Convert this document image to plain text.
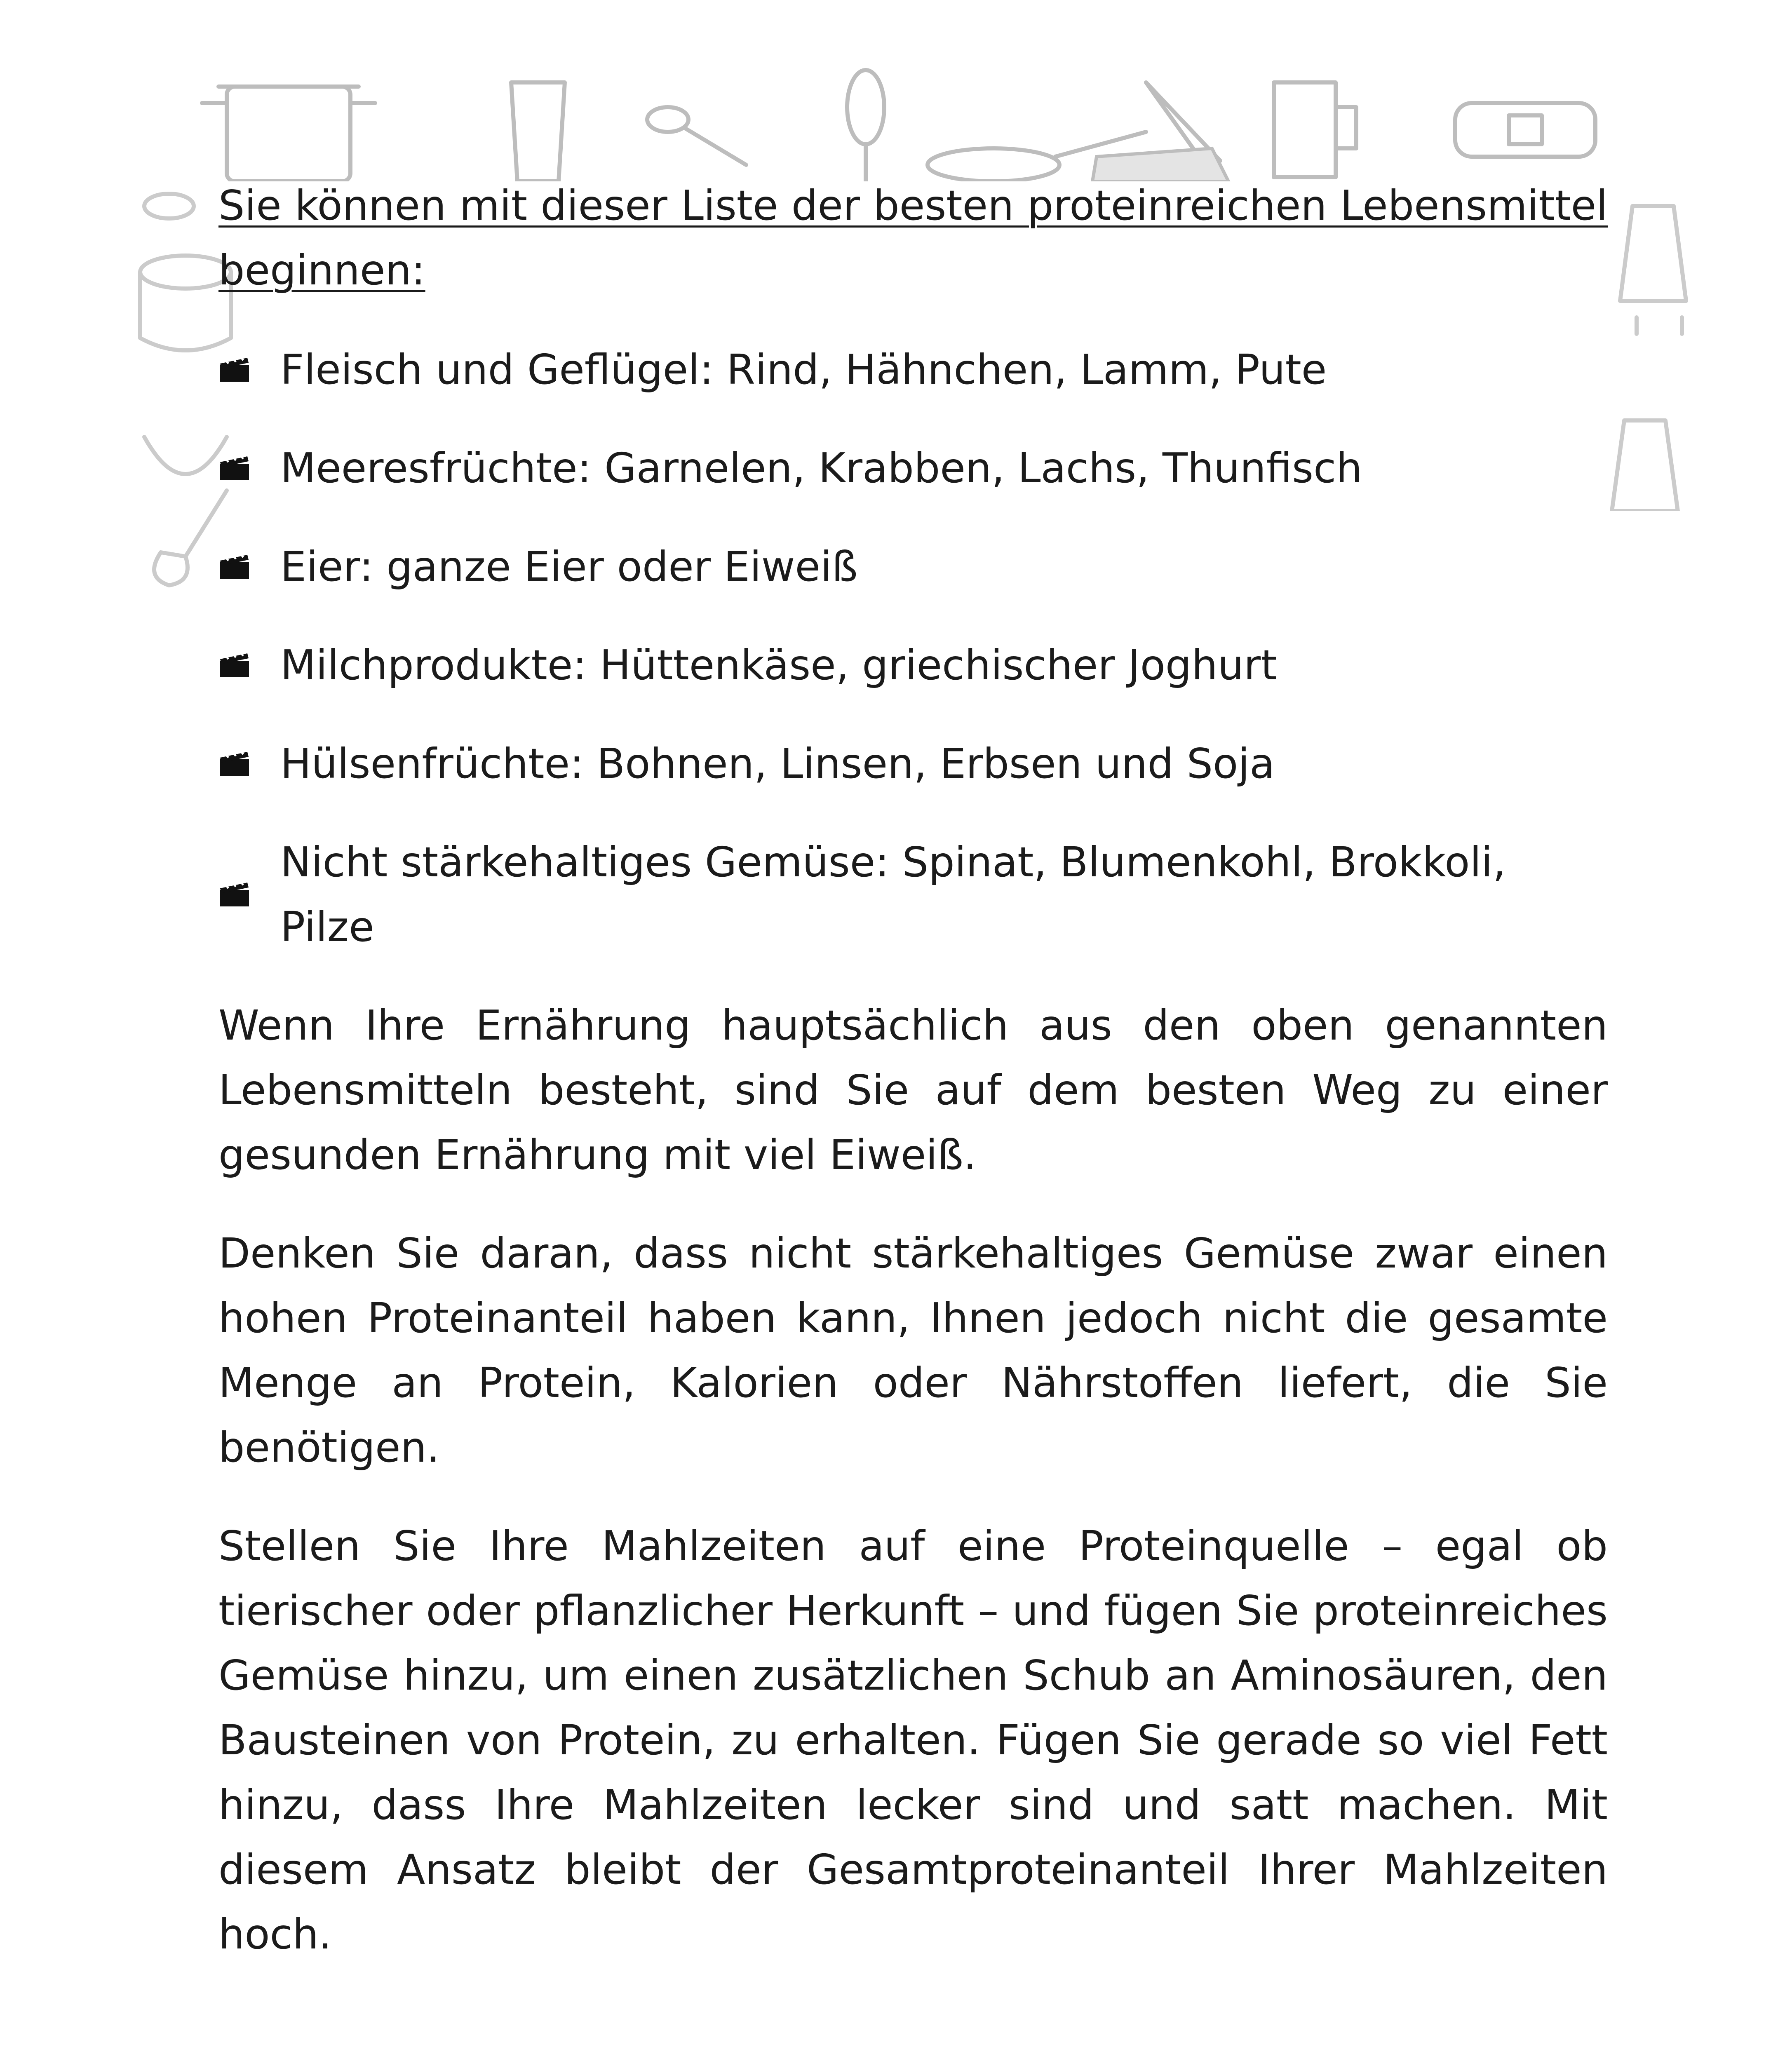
Sie können mit dieser Liste der besten proteinreichen Lebensmittel beginnen:

Fleisch und Geflügel: Rind, Hähnchen, Lamm, Pute
Meeresfrüchte: Garnelen, Krabben, Lachs, Thunfisch
Eier: ganze Eier oder Eiweiß
Milchprodukte: Hüttenkäse, griechischer Joghurt
Hülsenfrüchte: Bohnen, Linsen, Erbsen und Soja
Nicht stärkehaltiges Gemüse: Spinat, Blumenkohl, Brokkoli, Pilze

Wenn Ihre Ernährung hauptsächlich aus den oben genannten Lebensmitteln besteht, sind Sie auf dem besten Weg zu einer gesunden Ernährung mit viel Eiweiß.

Denken Sie daran, dass nicht stärkehaltiges Gemüse zwar einen hohen Proteinanteil haben kann, Ihnen jedoch nicht die gesamte Menge an Protein, Kalorien oder Nährstoffen liefert, die Sie benötigen.

Stellen Sie Ihre Mahlzeiten auf eine Proteinquelle – egal ob tierischer oder pflanzlicher Herkunft – und fügen Sie proteinreiches Gemüse hinzu, um einen zusätzlichen Schub an Aminosäuren, den Bausteinen von Protein, zu erhalten. Fügen Sie gerade so viel Fett hinzu, dass Ihre Mahlzeiten lecker sind und satt machen. Mit diesem Ansatz bleibt der Gesamtproteinanteil Ihrer Mahlzeiten hoch.
